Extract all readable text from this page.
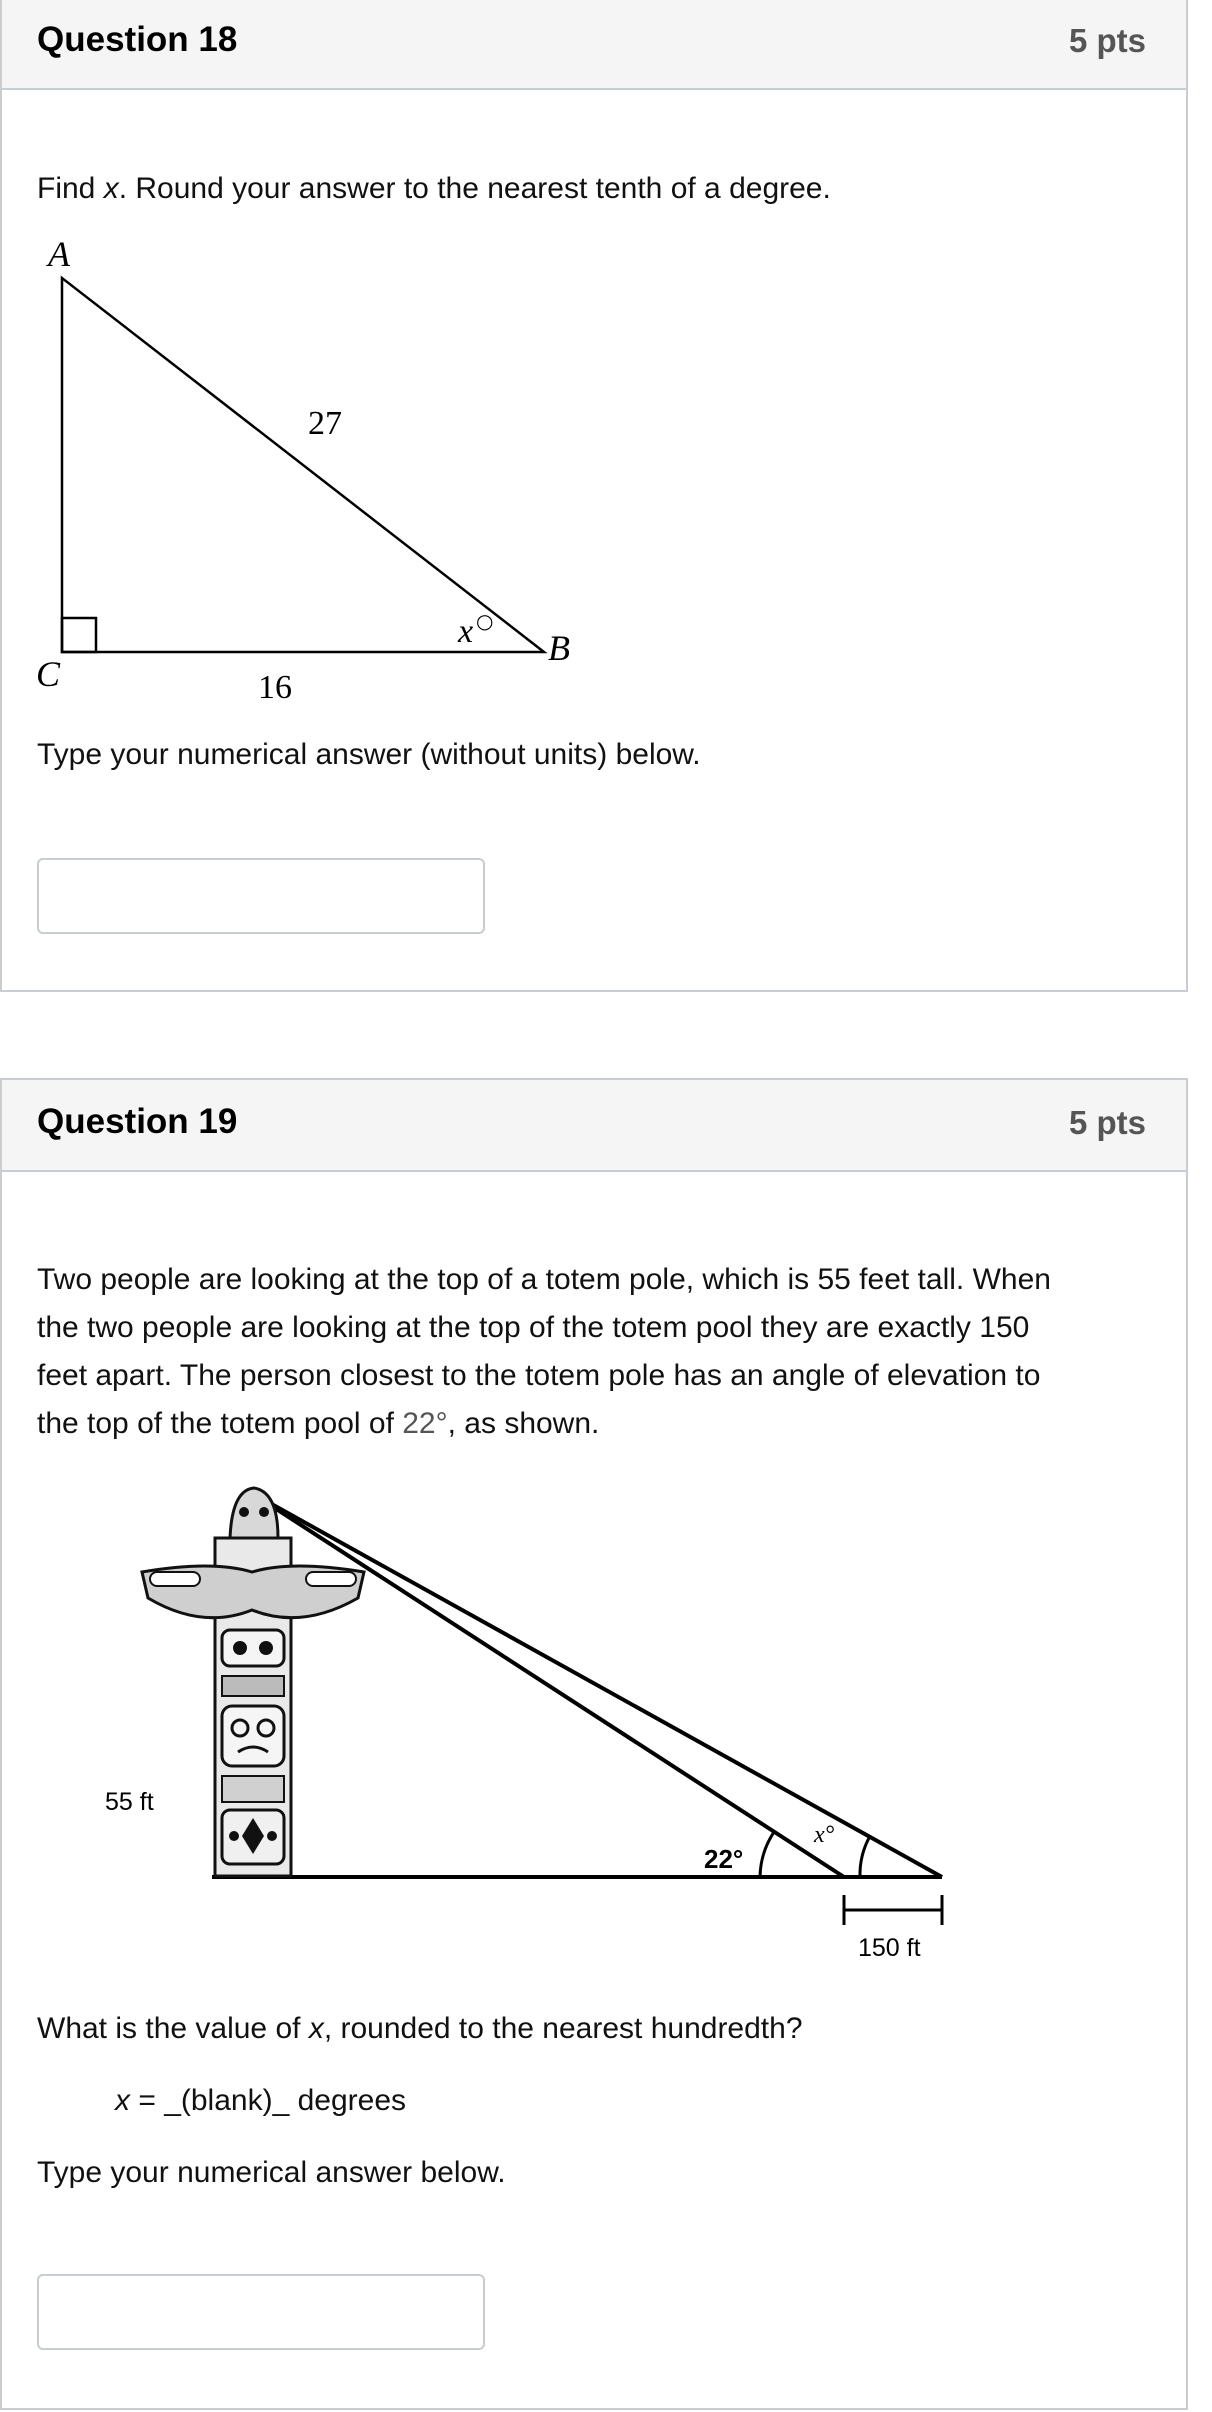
Question 18	5 pts

Find x. Round your answer to the nearest tenth of a degree.

A
C
B
27
16
x ○

Type your numerical answer (without units) below.

Question 19	5 pts
Two people are looking at the top of a totem pole, which is 55 feet tall. When
the two people are looking at the top of the totem pool they are exactly 150
feet apart. The person closest to the totem pole has an angle of elevation to
the top of the totem pool of 22°, as shown.
55 ft
22°
x°
150 ft

What is the value of x, rounded to the nearest hundredth?

x = _(blank)_ degrees

Type your numerical answer below.
